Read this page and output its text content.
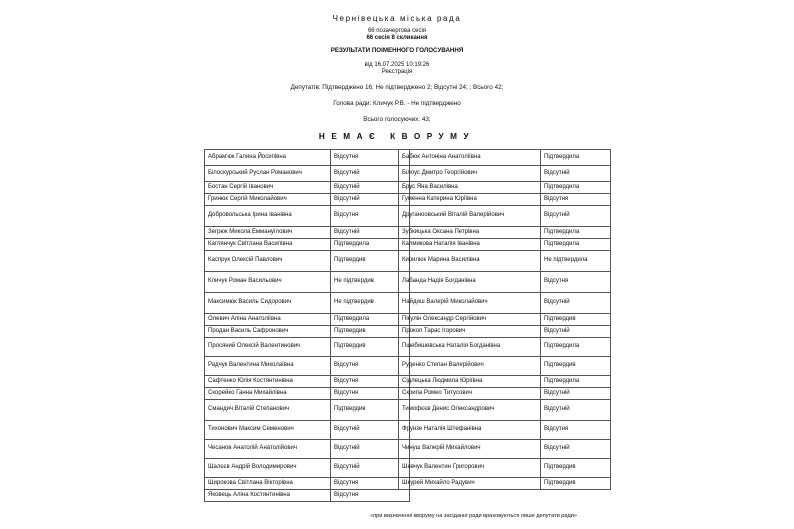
Чернівецька міська рада
66 позачергова сесія
66 сесія 8 скликання
РЕЗУЛЬТАТИ ПОІМЕННОГО ГОЛОСУВАННЯ
від 16.07.2025 10:19:26
Реєстрація
Депутатів: Підтверджено 16; Не підтверджено 2; Відсутні 24; ; Всього 42;
Голова ради: Кличук Р.В. - Не підтверджено
Всього голосуючих: 43;
НЕМАЄ КВОРУМУ
Абрам'юк Галина Йосипівна	Відсутня
Білоскурський Руслан Романович	Відсутній
Бостан Сергій Іванович	Відсутній
Гринюк Сергій Миколайович	Відсутній
Добровольська Ірина Іванівна	Відсутня
Зегрюк Микола Еммануїлович	Відсутній
Каглянчук Світлана Василівна	Підтвердила
Каспрук Олексій Павлович	Підтвердив
Кличук Роман Васильович	Не підтвердив
Максимюк Василь Сидорович	Не підтвердив
Олевич Аліна Анатоліївна	Підтвердила
Продан Василь Сафронович	Підтвердив
Просяний Олексій Валентинович	Підтвердив
Радчук Валентина Миколаївна	Відсутня
Сафтенко Юлія Костянтинівна	Відсутня
Скорейко Ганна Михайлівна	Відсутня
Смандич Віталій Степанович	Підтвердив
Тихонович Максим Семенович	Відсутній
Чесанов Анатолій Анатолійович	Відсутній
Шалєєв Андрій Володимирович	Відсутній
Широкова Світлана Вікторівна	Відсутня
Яковець Аліна Костянтинівна	Відсутня
Бабюк Антоніна Анатоліївна	Підтвердила
Білоус Дмитро Георгійович	Відсутній
Брус Яна Василівна	Підтвердила
Гуменна Катерина Юріївна	Відсутня
Друганоовський Віталій Валерійович	Відсутній
Зубкицька Оксана Петрівна	Підтвердила
Калмикова Наталія Іванівна	Підтвердила
Кирилюк Марина Василівна	Не підтвердила
Лабанда Надія Богданівна	Відсутня
Найдиш Валерій Миколайович	Відсутній
Пікулін Олександр Сергійович	Підтвердив
Прокоп Тарас Ігорович	Відсутній
Пшебишевська Наталія Богданівна	Підтвердила
Руденко Степан Валерійович	Підтвердив
Сідлецька Людмила Юріївна	Підтвердила
Скрипа Ромео Титусович	Відсутній
Тимофєєв Денис Олександрович	Відсутній
Фрунзе Наталія Штефанівна	Відсутня
Чинуш Валерій Михайлович	Відсутній
Шевчук Валентин Григорович	Підтвердив
Шкурей Михайло Радувич	Підтвердив
«при визначенні кворуму на засіданні ради враховуються лише депутати ради»
